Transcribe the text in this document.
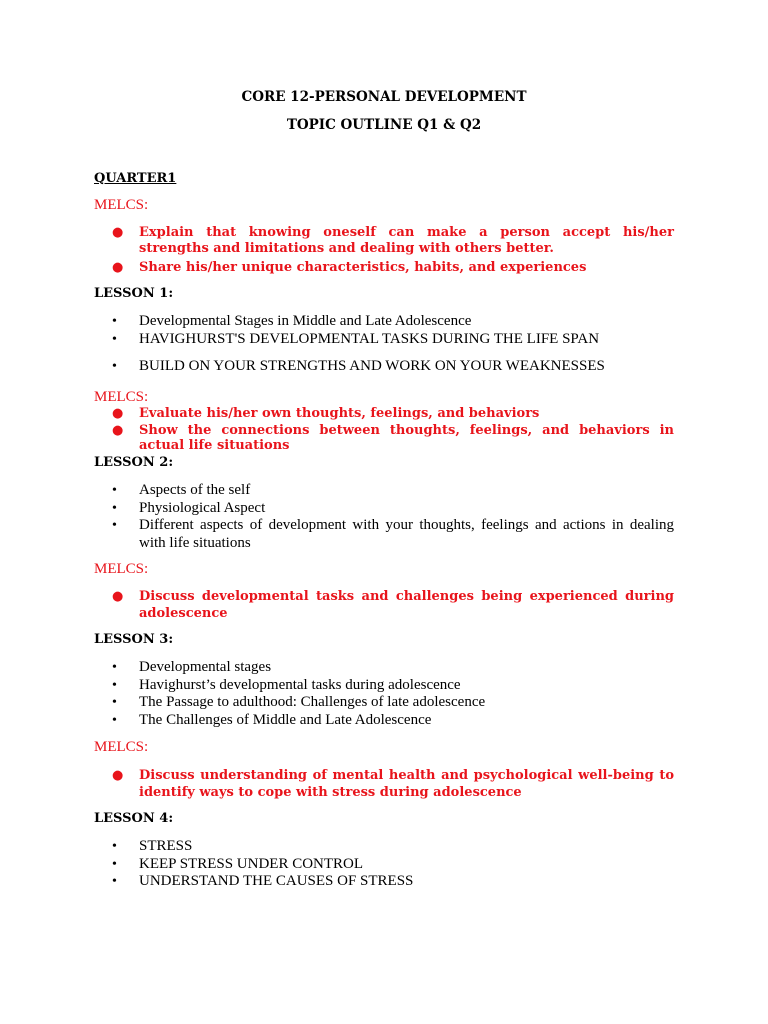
CORE 12-PERSONAL DEVELOPMENT
TOPIC OUTLINE Q1 & Q2
QUARTER1
MELCS:
● Explain that knowing oneself can make a person accept his/her strengths and limitations and dealing with others better.
● Share his/her unique characteristics, habits, and experiences
LESSON 1:
• Developmental Stages in Middle and Late Adolescence
• HAVIGHURST'S DEVELOPMENTAL TASKS DURING THE LIFE SPAN
• BUILD ON YOUR STRENGTHS AND WORK ON YOUR WEAKNESSES
MELCS:
● Evaluate his/her own thoughts, feelings, and behaviors
● Show the connections between thoughts, feelings, and behaviors in actual life situations
LESSON 2:
• Aspects of the self
• Physiological Aspect
• Different aspects of development with your thoughts, feelings and actions in dealing with life situations
MELCS:
● Discuss developmental tasks and challenges being experienced during adolescence
LESSON 3:
• Developmental stages
• Havighurst’s developmental tasks during adolescence
• The Passage to adulthood: Challenges of late adolescence
• The Challenges of Middle and Late Adolescence
MELCS:
● Discuss understanding of mental health and psychological well-being to identify ways to cope with stress during adolescence
LESSON 4:
• STRESS
• KEEP STRESS UNDER CONTROL
• UNDERSTAND THE CAUSES OF STRESS
